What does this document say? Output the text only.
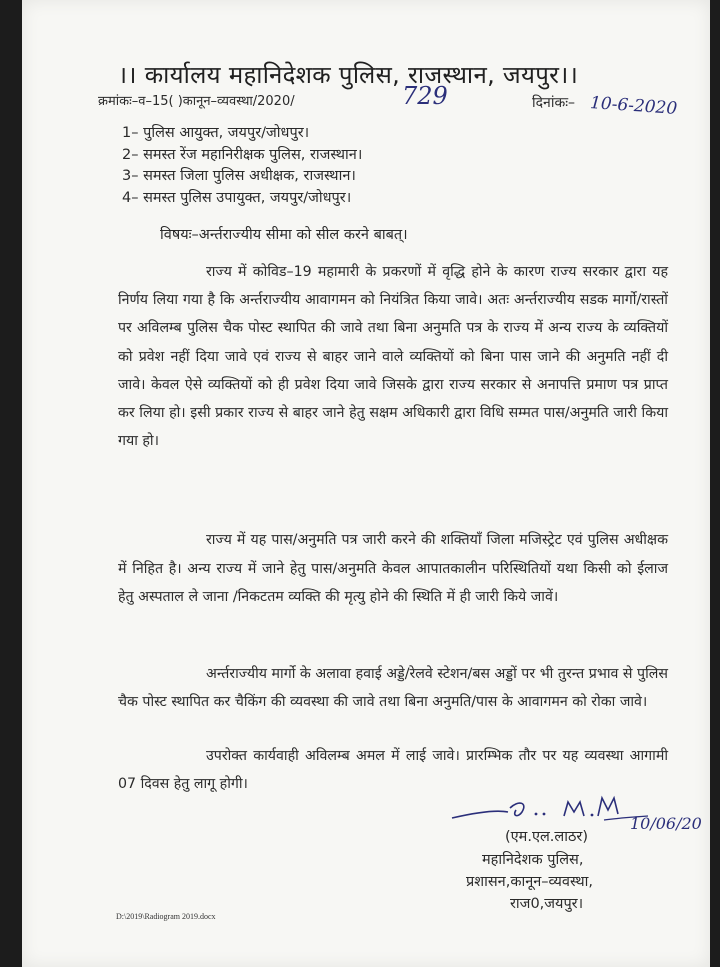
।। कार्यालय महानिदेशक पुलिस, राजस्थान, जयपुर।।
क्रमांकः–व–15( )कानून–व्यवस्था/2020/	729	दिनांकः– 10-6-2020
1– पुलिस आयुक्त, जयपुर/जोधपुर।
2– समस्त रेंज महानिरीक्षक पुलिस, राजस्थान।
3– समस्त जिला पुलिस अधीक्षक, राजस्थान।
4– समस्त पुलिस उपायुक्त, जयपुर/जोधपुर।
विषयः–अर्न्तराज्यीय सीमा को सील करने बाबत्।
राज्य में कोविड–19 महामारी के प्रकरणों में वृद्धि होने के कारण राज्य सरकार द्वारा यह निर्णय लिया गया है कि अर्न्तराज्यीय आवागमन को नियंत्रित किया जावे। अतः अर्न्तराज्यीय सडक मार्गो/रास्तों पर अविलम्ब पुलिस चैक पोस्ट स्थापित की जावे तथा बिना अनुमति पत्र के राज्य में अन्य राज्य के व्यक्तियों को प्रवेश नहीं दिया जावे एवं राज्य से बाहर जाने वाले व्यक्तियों को बिना पास जाने की अनुमति नहीं दी जावे। केवल ऐसे व्यक्तियों को ही प्रवेश दिया जावे जिसके द्वारा राज्य सरकार से अनापत्ति प्रमाण पत्र प्राप्त कर लिया हो। इसी प्रकार राज्य से बाहर जाने हेतु सक्षम अधिकारी द्वारा विधि सम्मत पास/अनुमति जारी किया गया हो।
राज्य में यह पास/अनुमति पत्र जारी करने की शक्तियाँ जिला मजिस्ट्रेट एवं पुलिस अधीक्षक में निहित है। अन्य राज्य में जाने हेतु पास/अनुमति केवल आपातकालीन परिस्थितियों यथा किसी को ईलाज हेतु अस्पताल ले जाना /निकटतम व्यक्ति की मृत्यु होने की स्थिति में ही जारी किये जावें।
अर्न्तराज्यीय मार्गो के अलावा हवाई अड्डे/रेलवे स्टेशन/बस अड्डों पर भी तुरन्त प्रभाव से पुलिस चैक पोस्ट स्थापित कर चैकिंग की व्यवस्था की जावे तथा बिना अनुमति/पास के आवागमन को रोका जावे।
उपरोक्त कार्यवाही अविलम्ब अमल में लाई जावे। प्रारम्भिक तौर पर यह व्यवस्था आगामी 07 दिवस हेतु लागू होगी।
10/06/20
(एम.एल.लाठर)
महानिदेशक पुलिस,
प्रशासन,कानून–व्यवस्था,
राज0,जयपुर।
D:\2019\Radiogram 2019.docx
